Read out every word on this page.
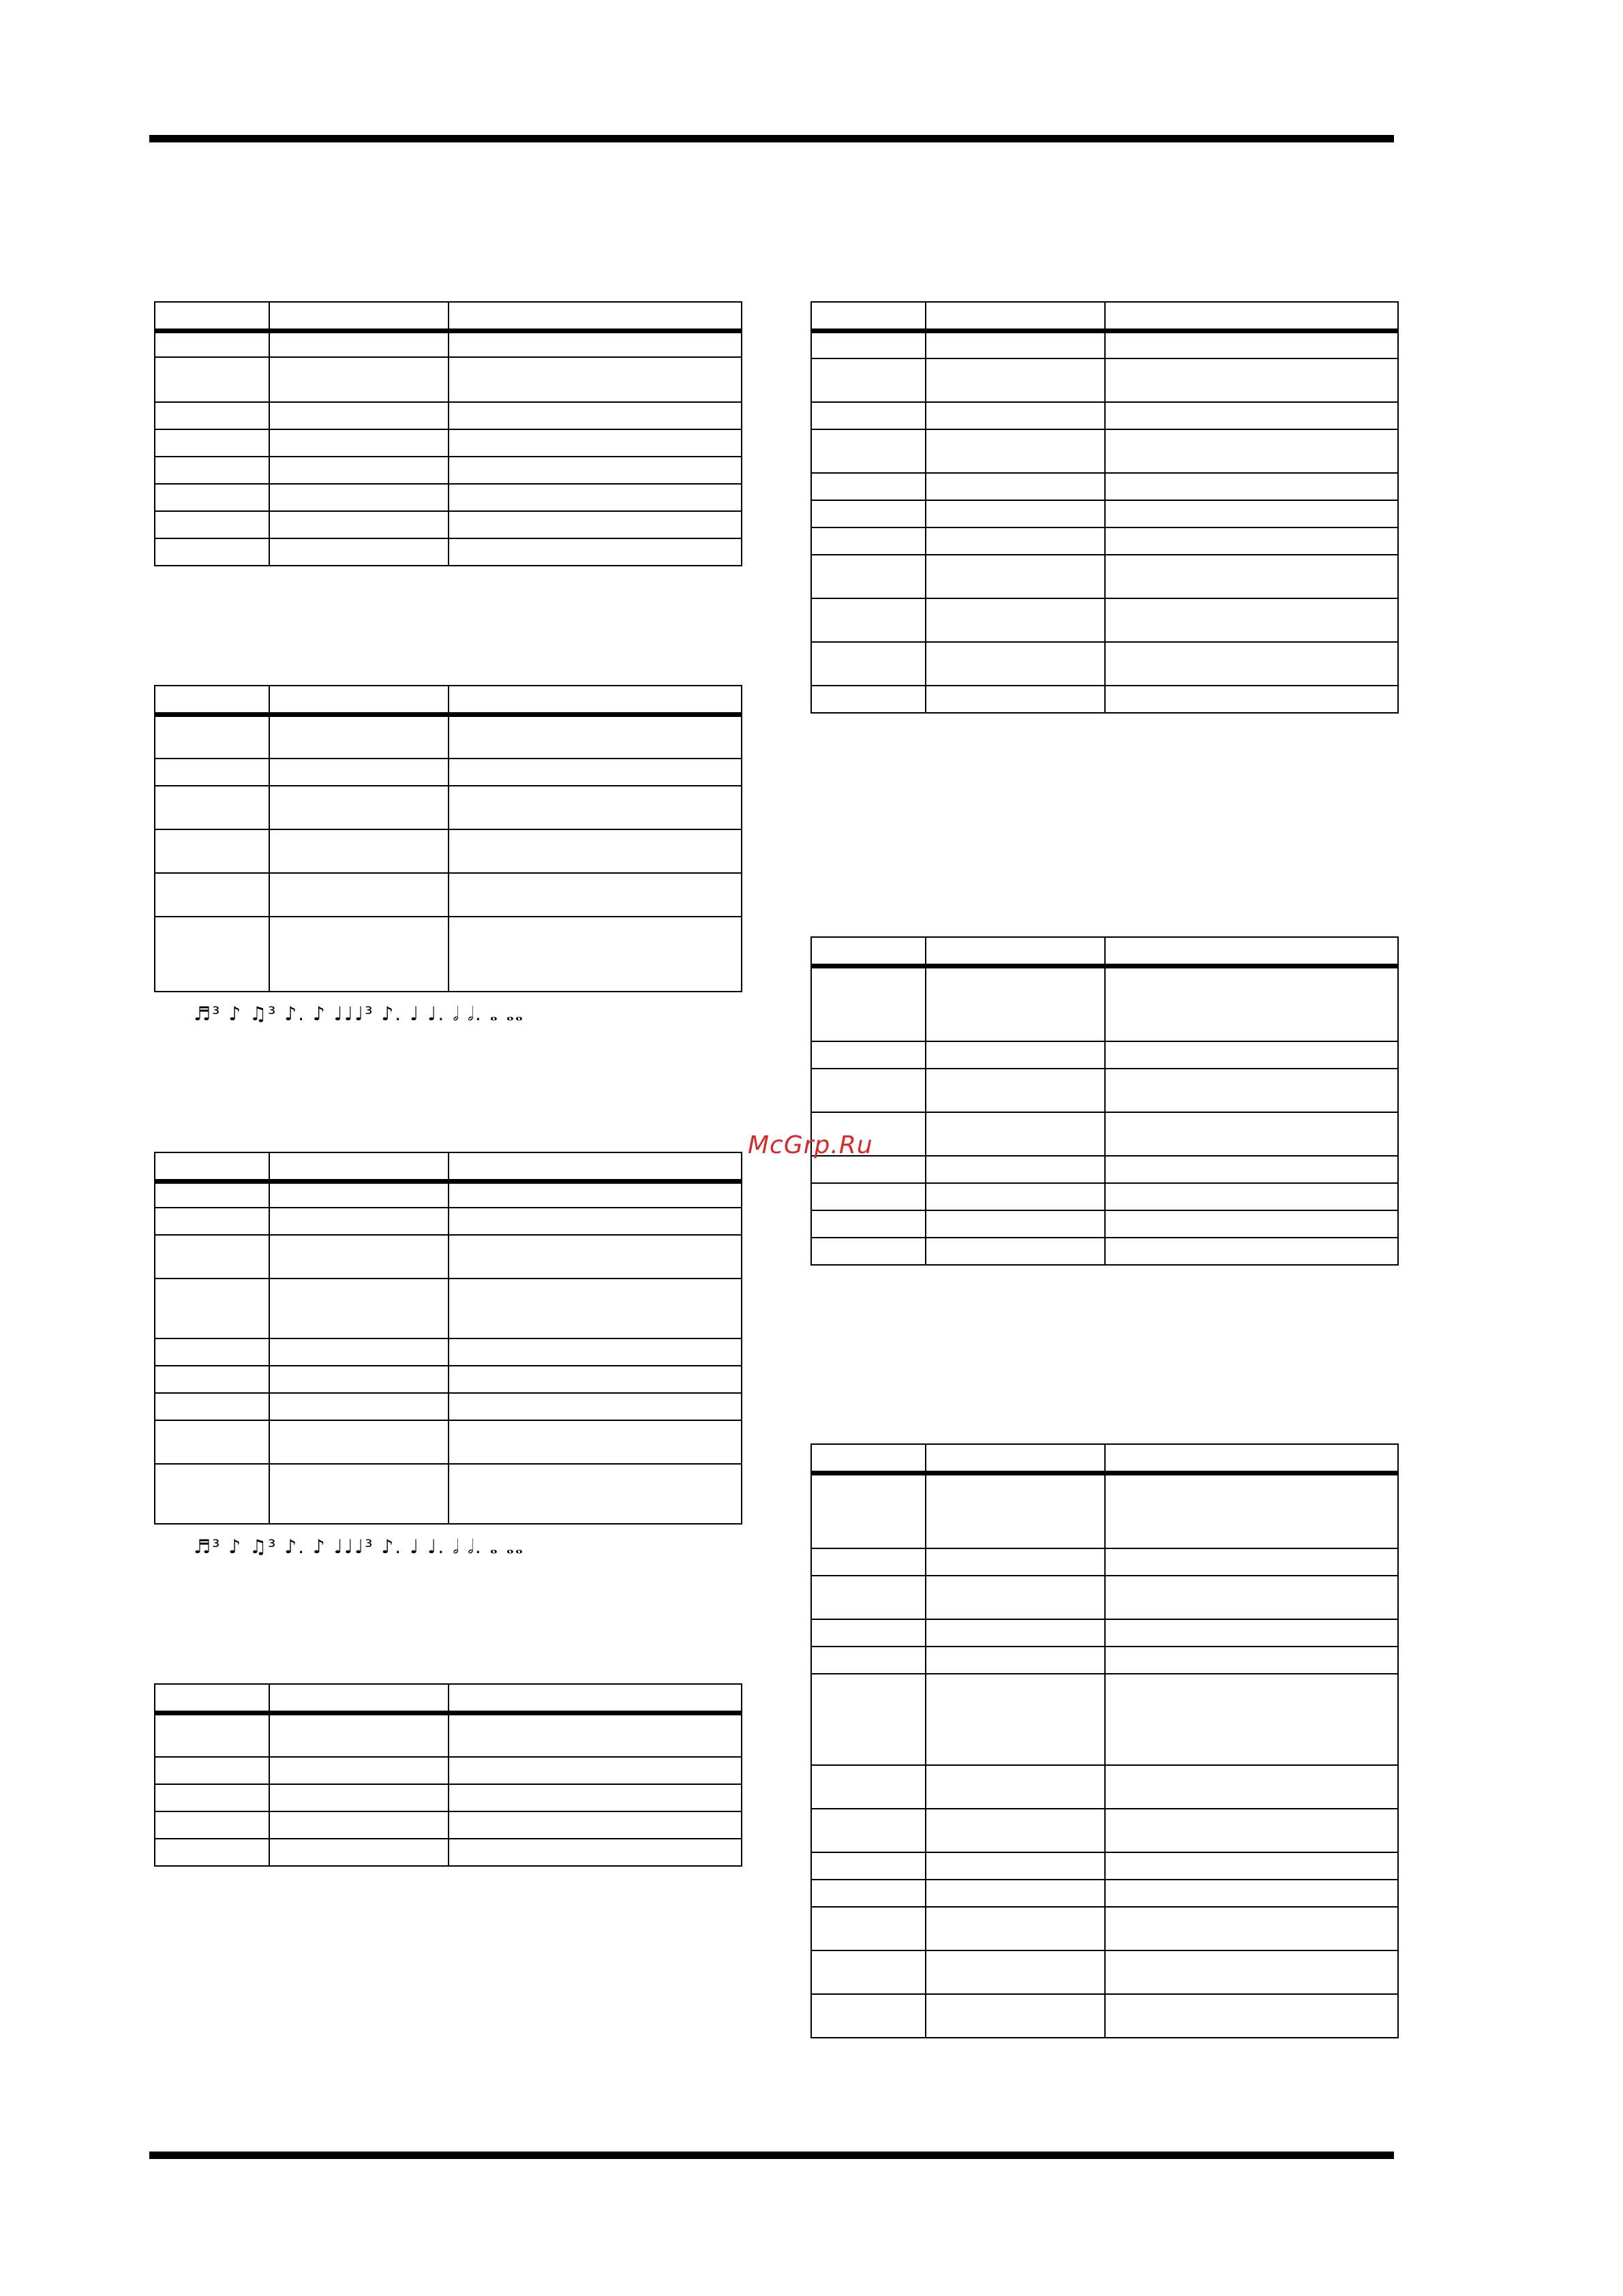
♬³ ♪ ♫³ ♪. ♪ ♩♩♩³ ♪. ♩ ♩. 𝅗𝅥 𝅗𝅥. 𝅝 𝅝𝅝

♬³ ♪ ♫³ ♪. ♪ ♩♩♩³ ♪. ♩ ♩. 𝅗𝅥 𝅗𝅥. 𝅝 𝅝𝅝

McGrp.Ru
